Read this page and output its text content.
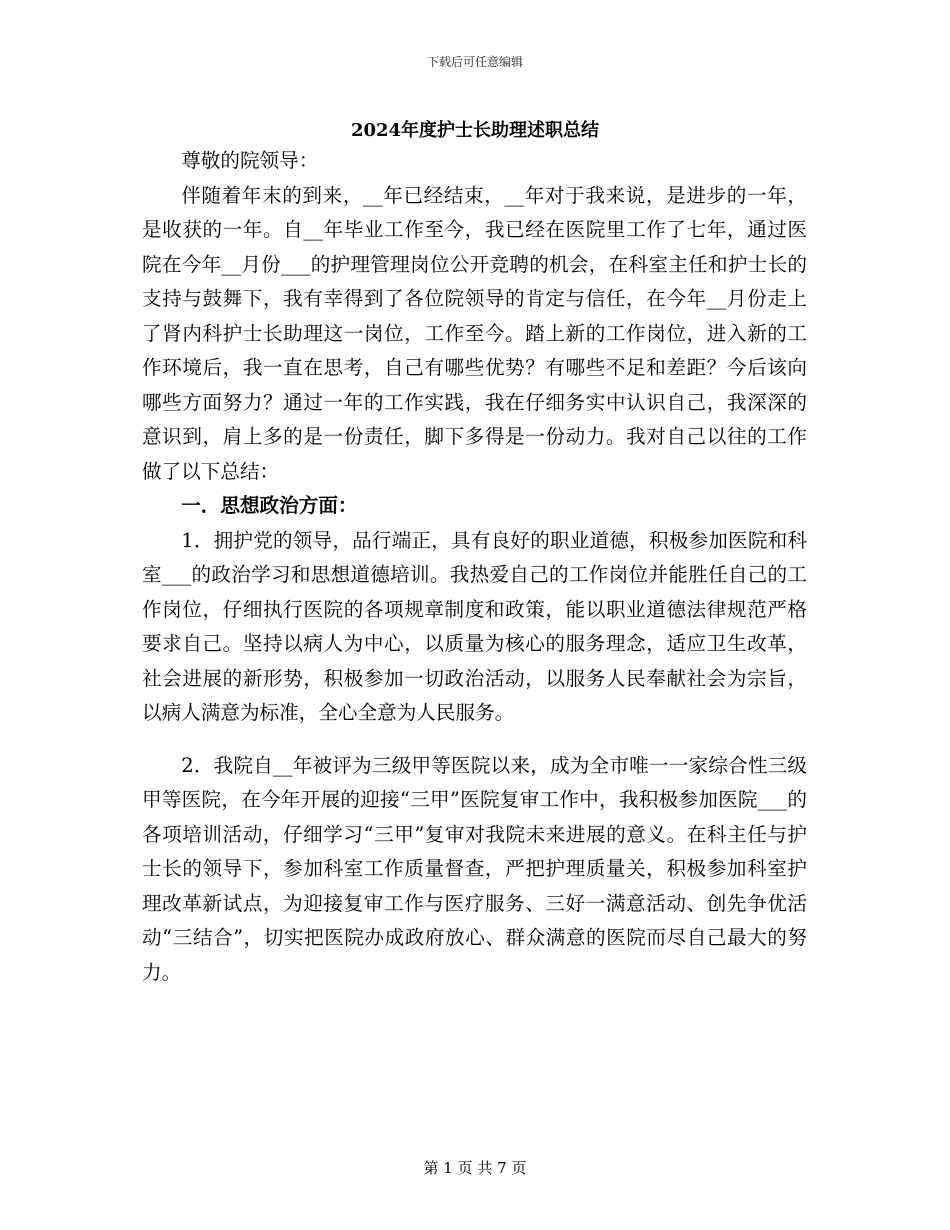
下载后可任意编辑
2024年度护士长助理述职总结

尊敬的院领导：

伴随着年末的到来，__年已经结束，__年对于我来说，是进步的一年，是收获的一年。自__年毕业工作至今，我已经在医院里工作了七年，通过医院在今年__月份___的护理管理岗位公开竞聘的机会，在科室主任和护士长的支持与鼓舞下，我有幸得到了各位院领导的肯定与信任，在今年__月份走上了肾内科护士长助理这一岗位，工作至今。踏上新的工作岗位，进入新的工作环境后，我一直在思考，自己有哪些优势？有哪些不足和差距？今后该向哪些方面努力？通过一年的工作实践，我在仔细务实中认识自己，我深深的意识到，肩上多的是一份责任，脚下多得是一份动力。我对自己以往的工作做了以下总结：

一．思想政治方面：

1．拥护党的领导，品行端正，具有良好的职业道德，积极参加医院和科室___的政治学习和思想道德培训。我热爱自己的工作岗位并能胜任自己的工作岗位，仔细执行医院的各项规章制度和政策，能以职业道德法律规范严格要求自己。坚持以病人为中心，以质量为核心的服务理念，适应卫生改革，社会进展的新形势，积极参加一切政治活动，以服务人民奉献社会为宗旨，以病人满意为标准，全心全意为人民服务。

2．我院自__年被评为三级甲等医院以来，成为全市唯一一家综合性三级甲等医院，在今年开展的迎接“三甲”医院复审工作中，我积极参加医院___的各项培训活动，仔细学习“三甲”复审对我院未来进展的意义。在科主任与护士长的领导下，参加科室工作质量督查，严把护理质量关，积极参加科室护理改革新试点，为迎接复审工作与医疗服务、三好一满意活动、创先争优活动“三结合”，切实把医院办成政府放心、群众满意的医院而尽自己最大的努力。

第 1 页 共 7 页
